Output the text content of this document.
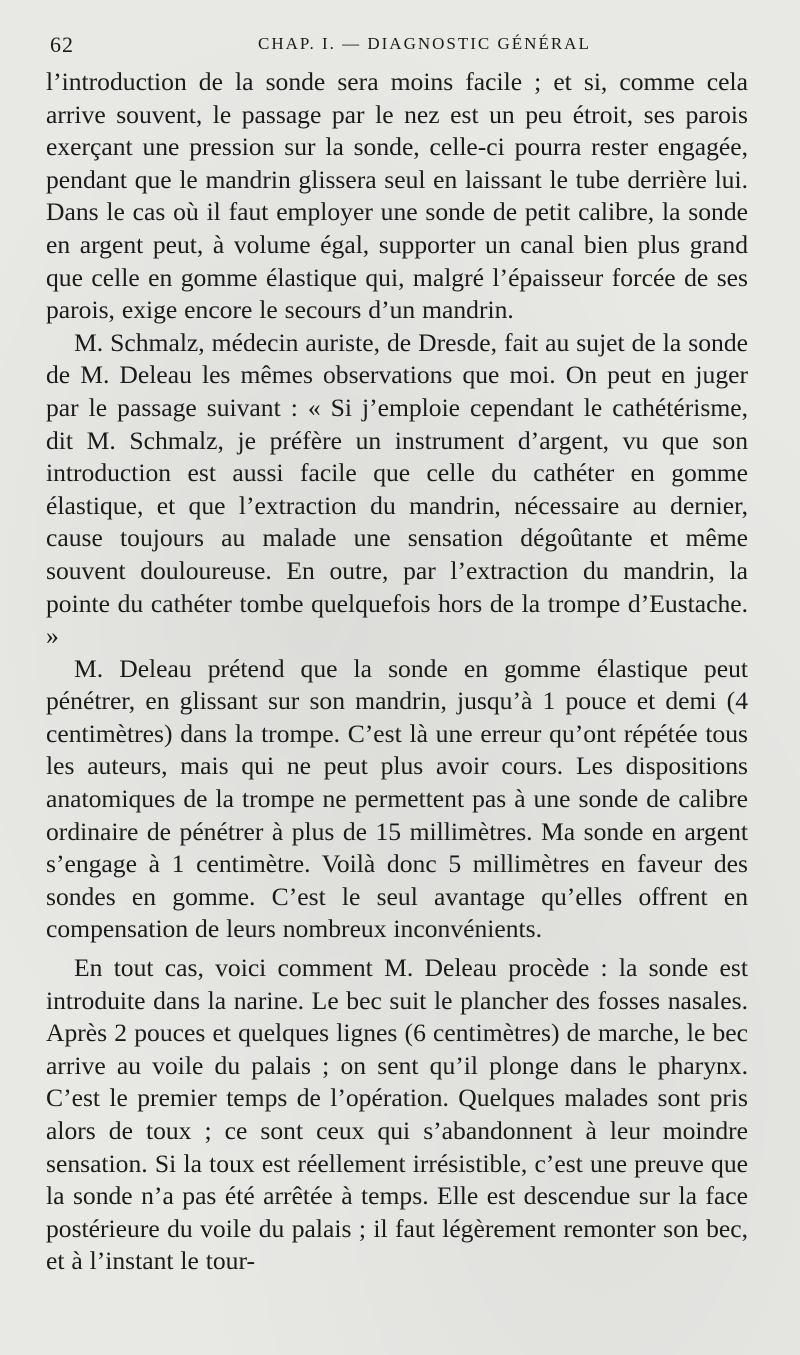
62	CHAP. I. — DIAGNOSTIC GÉNÉRAL

l’introduction de la sonde sera moins facile ; et si, comme cela arrive souvent, le passage par le nez est un peu étroit, ses parois exerçant une pression sur la sonde, celle-ci pourra rester engagée, pendant que le mandrin glissera seul en laissant le tube derrière lui. Dans le cas où il faut employer une sonde de petit calibre, la sonde en argent peut, à volume égal, supporter un canal bien plus grand que celle en gomme élastique qui, malgré l’épaisseur forcée de ses parois, exige encore le secours d’un mandrin.

M. Schmalz, médecin auriste, de Dresde, fait au sujet de la sonde de M. Deleau les mêmes observations que moi. On peut en juger par le passage suivant : « Si j’emploie cependant le cathétérisme, dit M. Schmalz, je préfère un instrument d’argent, vu que son introduction est aussi facile que celle du cathéter en gomme élastique, et que l’extraction du mandrin, nécessaire au dernier, cause toujours au malade une sensation dégoûtante et même souvent douloureuse. En outre, par l’extraction du mandrin, la pointe du cathéter tombe quelquefois hors de la trompe d’Eustache. »

M. Deleau prétend que la sonde en gomme élastique peut pénétrer, en glissant sur son mandrin, jusqu’à 1 pouce et demi (4 centimètres) dans la trompe. C’est là une erreur qu’ont répétée tous les auteurs, mais qui ne peut plus avoir cours. Les dispositions anatomiques de la trompe ne permettent pas à une sonde de calibre ordinaire de pénétrer à plus de 15 millimètres. Ma sonde en argent s’engage à 1 centimètre. Voilà donc 5 millimètres en faveur des sondes en gomme. C’est le seul avantage qu’elles offrent en compensation de leurs nombreux inconvénients.

En tout cas, voici comment M. Deleau procède : la sonde est introduite dans la narine. Le bec suit le plancher des fosses nasales. Après 2 pouces et quelques lignes (6 centimètres) de marche, le bec arrive au voile du palais ; on sent qu’il plonge dans le pharynx. C’est le premier temps de l’opération. Quelques malades sont pris alors de toux ; ce sont ceux qui s’abandonnent à leur moindre sensation. Si la toux est réellement irrésistible, c’est une preuve que la sonde n’a pas été arrêtée à temps. Elle est descendue sur la face postérieure du voile du palais ; il faut légèrement remonter son bec, et à l’instant le tour-
